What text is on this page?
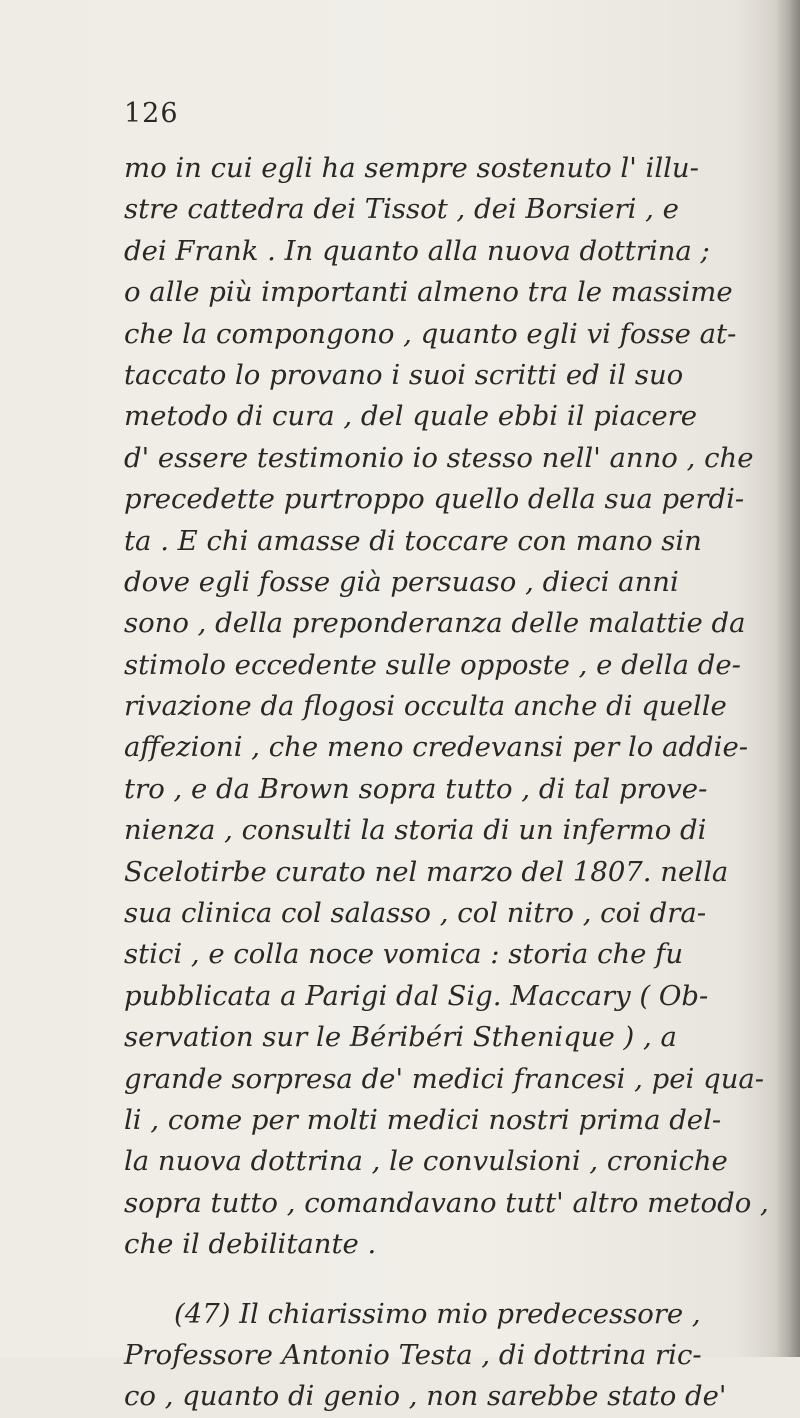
126
mo in cui egli ha sempre sostenuto l' illu-
stre cattedra dei Tissot , dei Borsieri , e
dei Frank . In quanto alla nuova dottrina ;
o alle più importanti almeno tra le massime
che la compongono , quanto egli vi fosse at-
taccato lo provano i suoi scritti ed il suo
metodo di cura , del quale ebbi il piacere
d' essere testimonio io stesso nell' anno , che
precedette purtroppo quello della sua perdi-
ta . E chi amasse di toccare con mano sin
dove egli fosse già persuaso , dieci anni
sono , della preponderanza delle malattie da
stimolo eccedente sulle opposte , e della de-
rivazione da flogosi occulta anche di quelle
affezioni , che meno credevansi per lo addie-
tro , e da Brown sopra tutto , di tal prove-
nienza , consulti la storia di un infermo di
Scelotirbe curato nel marzo del 1807. nella
sua clinica col salasso , col nitro , coi dra-
stici , e colla noce vomica : storia che fu
pubblicata a Parigi dal Sig. Maccary ( Ob-
servation sur le Béribéri Sthenique ) , a
grande sorpresa de' medici francesi , pei qua-
li , come per molti medici nostri prima del-
la nuova dottrina , le convulsioni , croniche
sopra tutto , comandavano tutt' altro metodo ,
che il debilitante .
(47) Il chiarissimo mio predecessore ,
Professore Antonio Testa , di dottrina ric-
co , quanto di genio , non sarebbe stato de'
